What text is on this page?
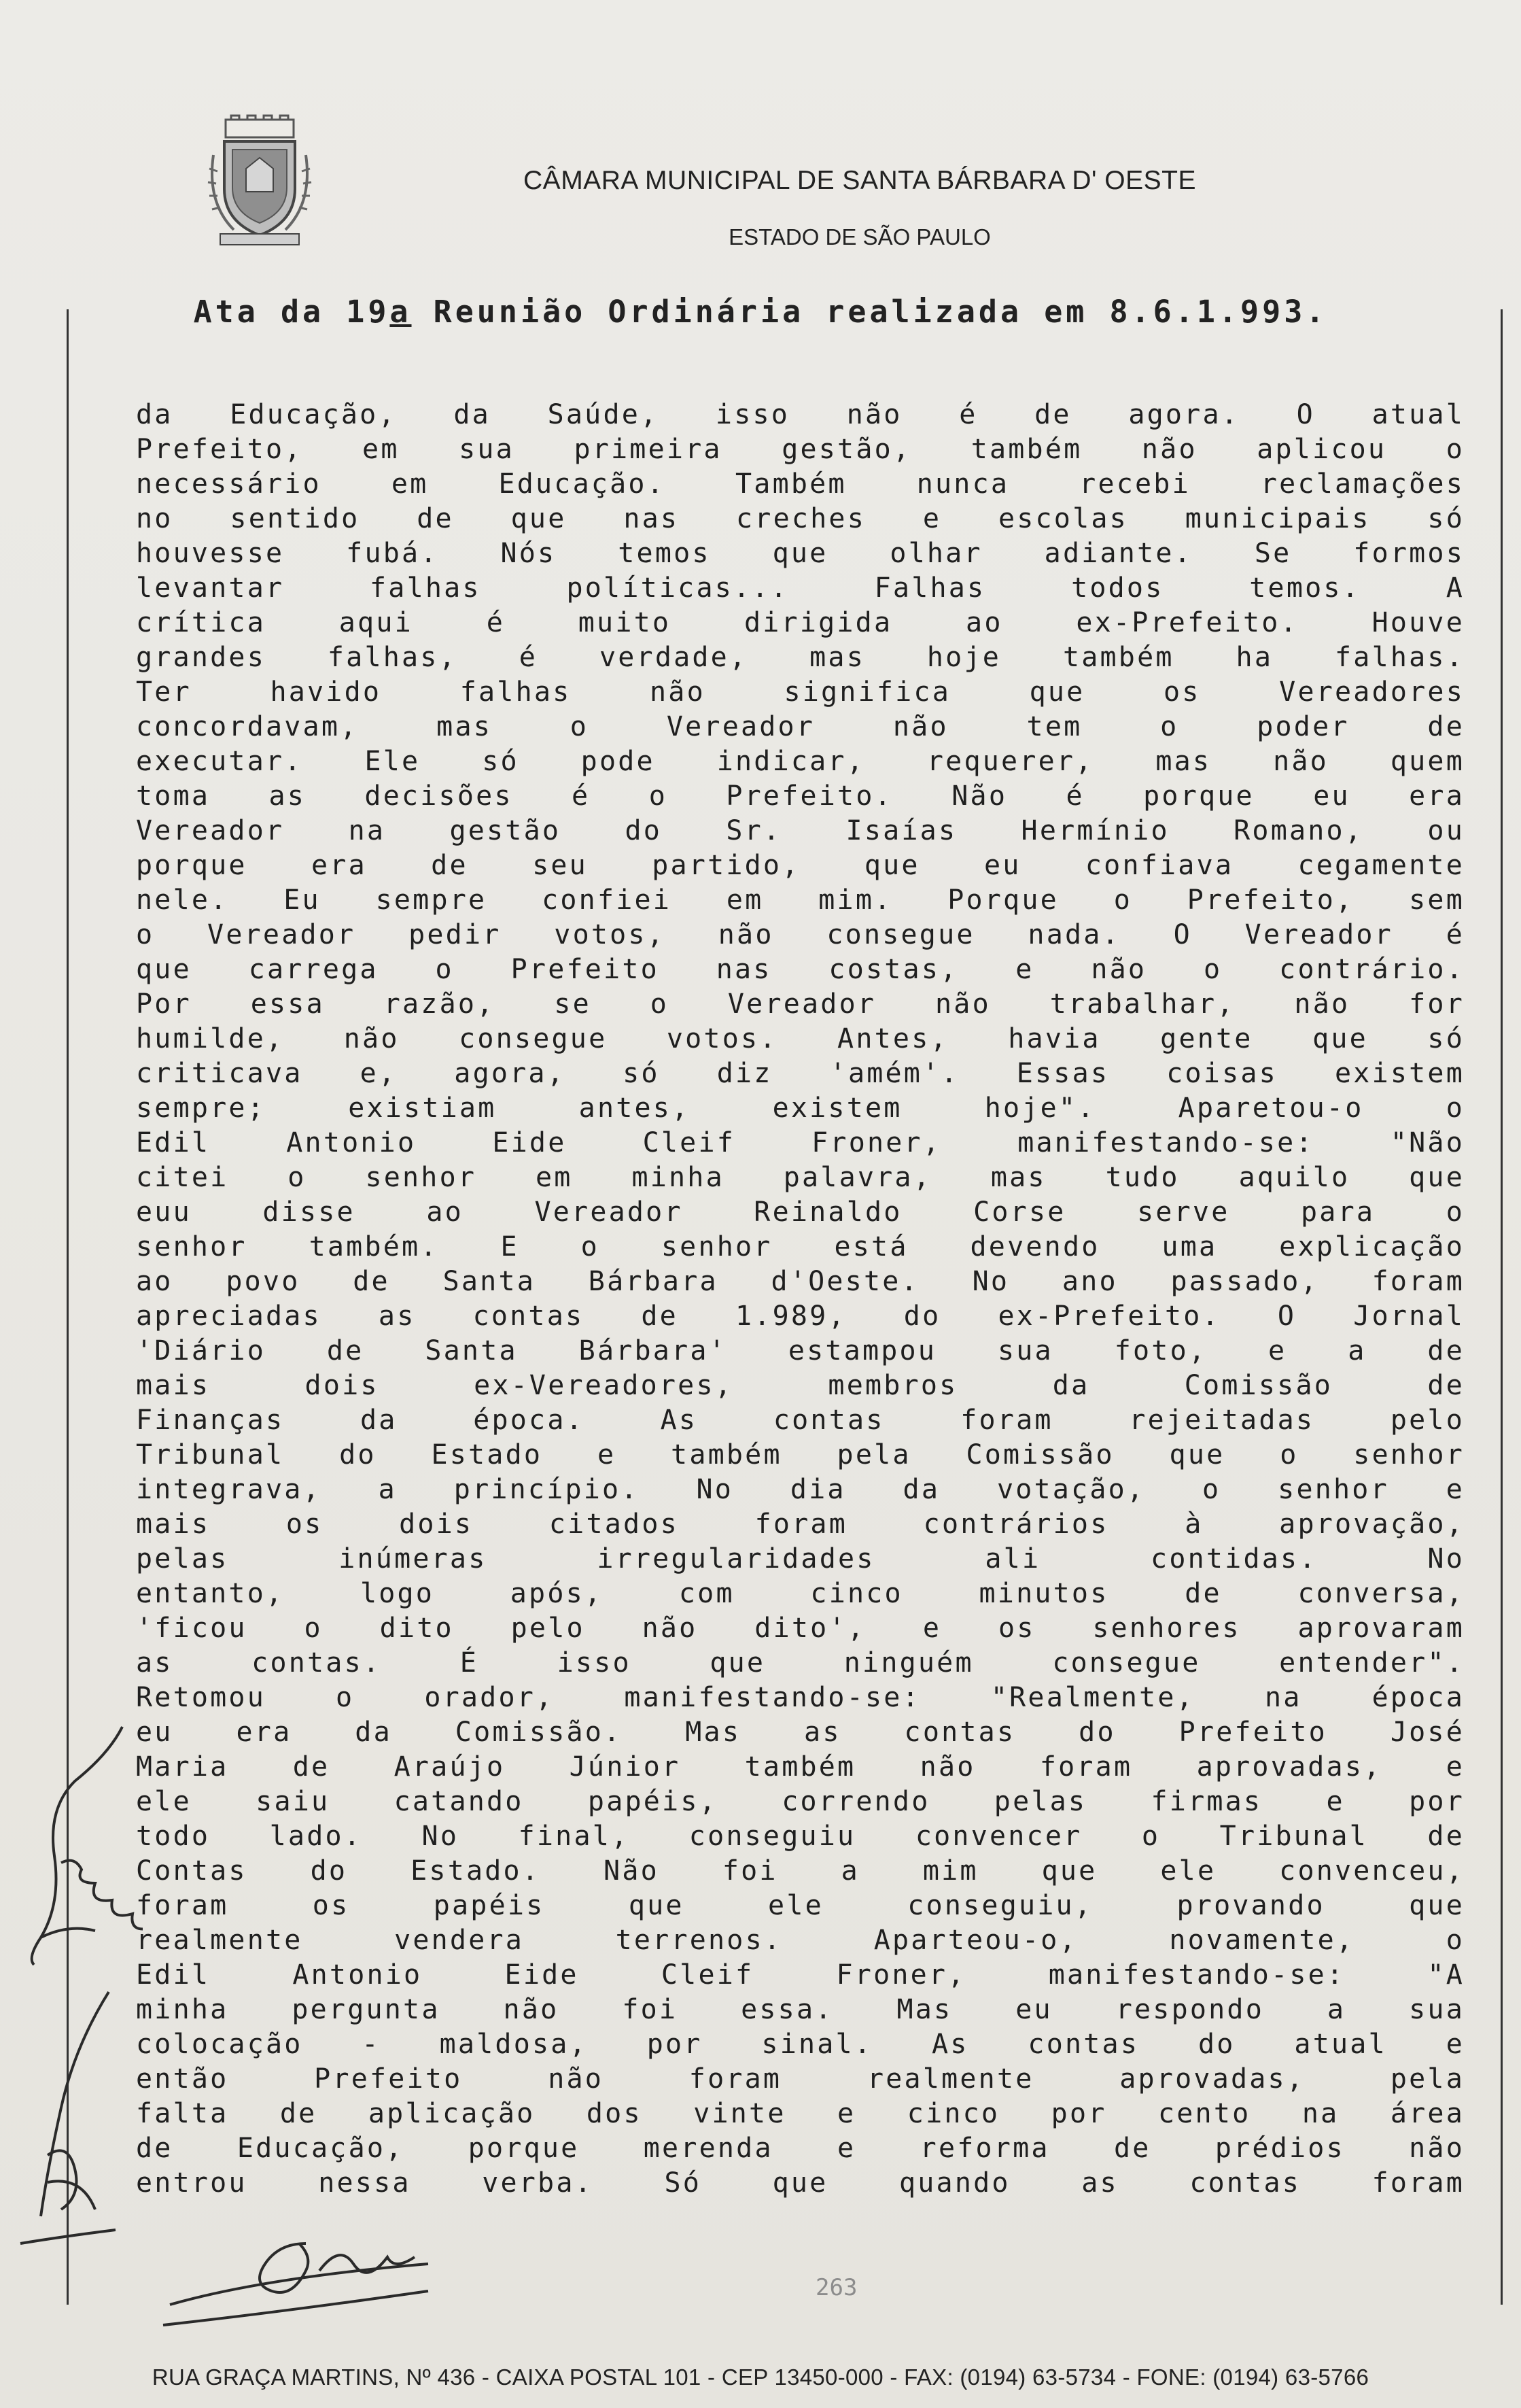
CÂMARA MUNICIPAL DE SANTA BÁRBARA D' OESTE
ESTADO DE SÃO PAULO
Ata da 19a Reunião Ordinária realizada em 8.6.1.993.
da Educação, da Saúde, isso não é de agora. O atual
Prefeito, em sua primeira gestão, também não aplicou o
necessário em Educação. Também nunca recebi reclamações
no sentido de que nas creches e escolas municipais só
houvesse fubá. Nós temos que olhar adiante. Se formos
levantar falhas políticas... Falhas todos temos. A
crítica aqui é muito dirigida ao ex-Prefeito. Houve
grandes falhas, é verdade, mas hoje também ha falhas.
Ter havido falhas não significa que os Vereadores
concordavam, mas o Vereador não tem o poder de
executar. Ele só pode indicar, requerer, mas não quem
toma as decisões é o Prefeito. Não é porque eu era
Vereador na gestão do Sr. Isaías Hermínio Romano, ou
porque era de seu partido, que eu confiava cegamente
nele. Eu sempre confiei em mim. Porque o Prefeito, sem
o Vereador pedir votos, não consegue nada. O Vereador é
que carrega o Prefeito nas costas, e não o contrário.
Por essa razão, se o Vereador não trabalhar, não for
humilde, não consegue votos. Antes, havia gente que só
criticava e, agora, só diz 'amém'. Essas coisas existem
sempre; existiam antes, existem hoje". Aparetou-o o
Edil Antonio Eide Cleif Froner, manifestando-se: "Não
citei o senhor em minha palavra, mas tudo aquilo que
euu disse ao Vereador Reinaldo Corse serve para o
senhor também. E o senhor está devendo uma explicação
ao povo de Santa Bárbara d'Oeste. No ano passado, foram
apreciadas as contas de 1.989, do ex-Prefeito. O Jornal
'Diário de Santa Bárbara' estampou sua foto, e a de
mais dois ex-Vereadores, membros da Comissão de
Finanças da época. As contas foram rejeitadas pelo
Tribunal do Estado e também pela Comissão que o senhor
integrava, a princípio. No dia da votação, o senhor e
mais os dois citados foram contrários à aprovação,
pelas inúmeras irregularidades ali contidas. No
entanto, logo após, com cinco minutos de conversa,
'ficou o dito pelo não dito', e os senhores aprovaram
as contas. É isso que ninguém consegue entender".
Retomou o orador, manifestando-se: "Realmente, na época
eu era da Comissão. Mas as contas do Prefeito José
Maria de Araújo Júnior também não foram aprovadas, e
ele saiu catando papéis, correndo pelas firmas e por
todo lado. No final, conseguiu convencer o Tribunal de
Contas do Estado. Não foi a mim que ele convenceu,
foram os papéis que ele conseguiu, provando que
realmente vendera terrenos. Aparteou-o, novamente, o
Edil Antonio Eide Cleif Froner, manifestando-se: "A
minha pergunta não foi essa. Mas eu respondo a sua
colocação - maldosa, por sinal. As contas do atual e
então Prefeito não foram realmente aprovadas, pela
falta de aplicação dos vinte e cinco por cento na área
de Educação, porque merenda e reforma de prédios não
entrou nessa verba. Só que quando as contas foram
263
RUA GRAÇA MARTINS, Nº 436 - CAIXA POSTAL 101 - CEP 13450-000 - FAX: (0194) 63-5734 - FONE: (0194) 63-5766
